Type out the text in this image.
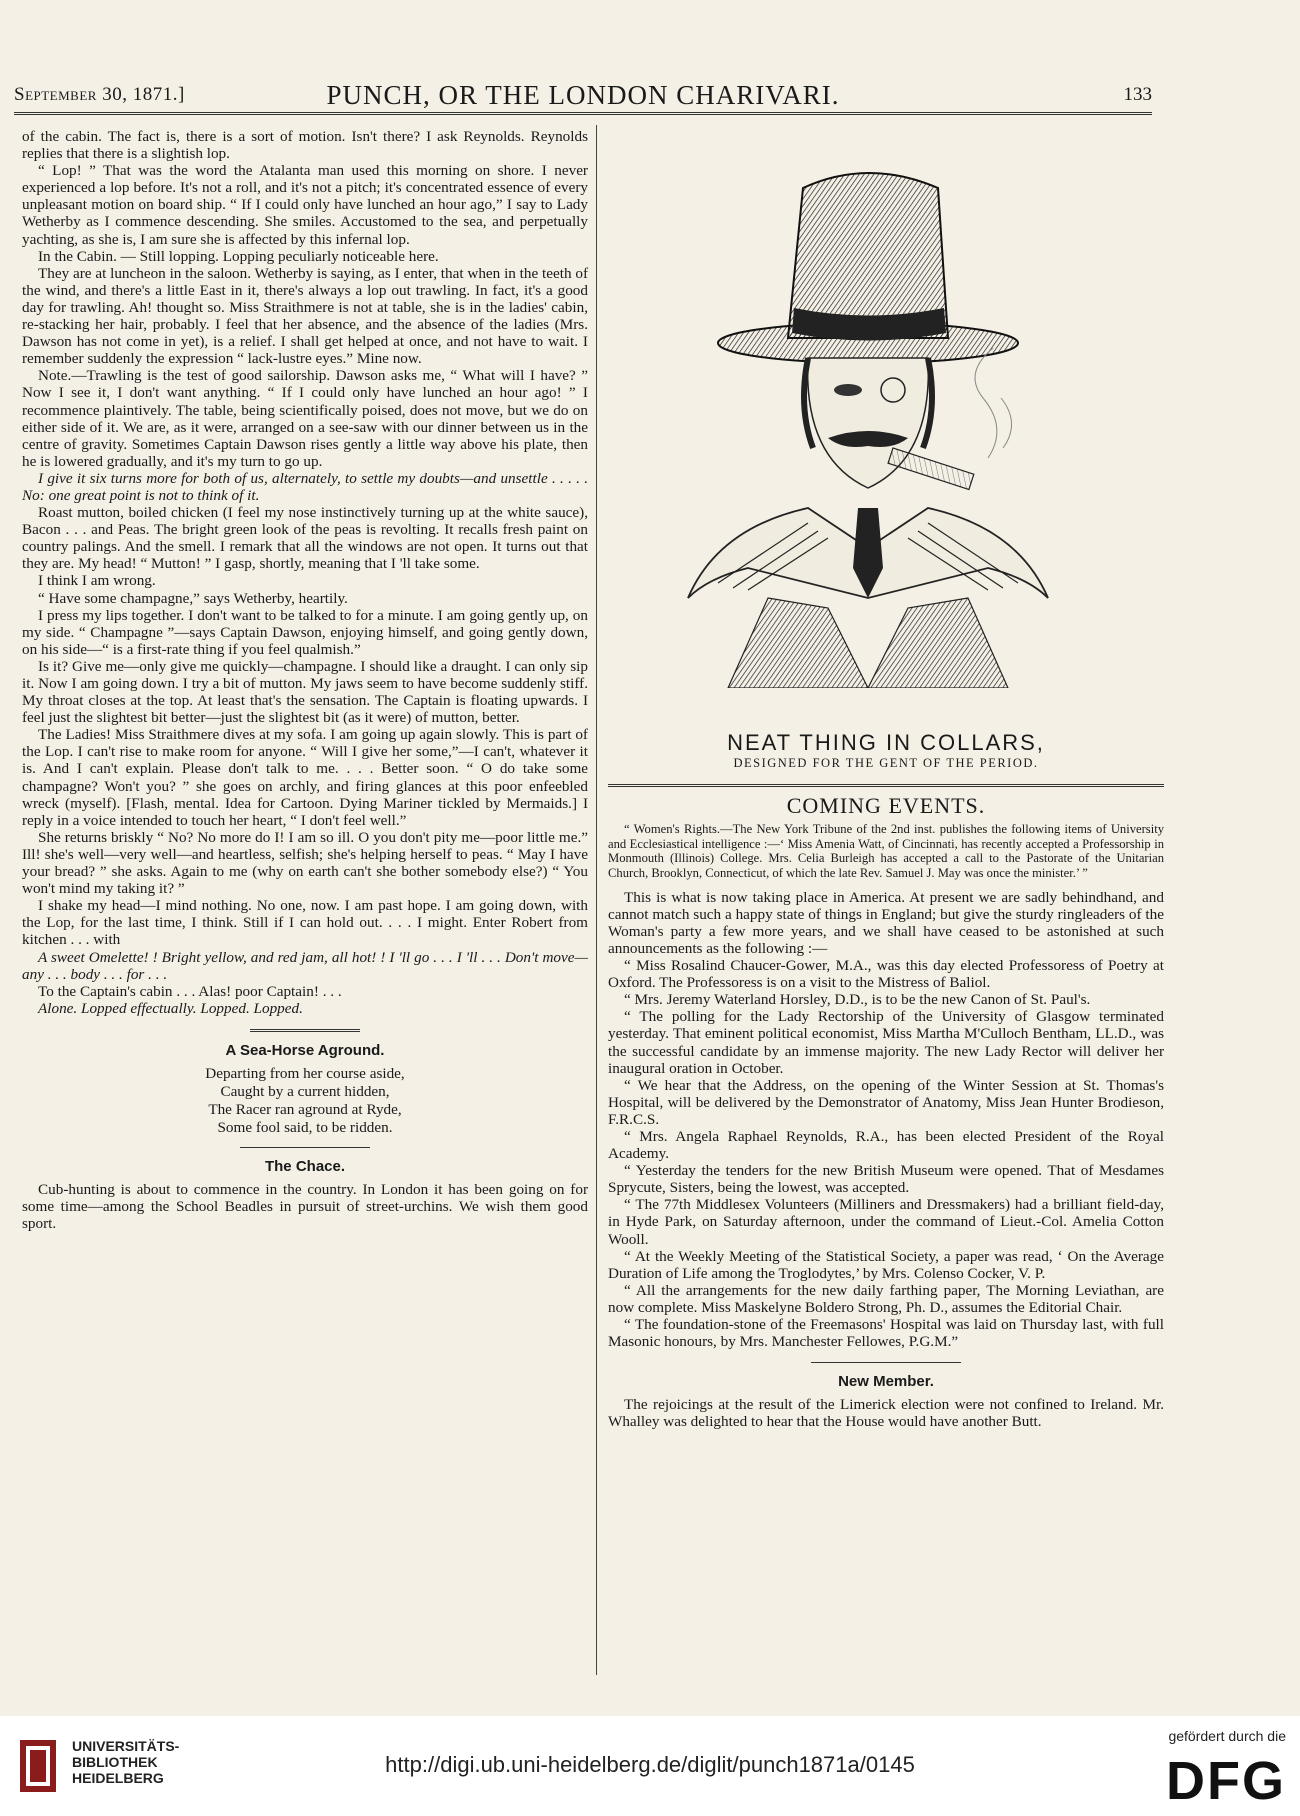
September 30, 1871.]	PUNCH, OR THE LONDON CHARIVARI.	133

of the cabin. The fact is, there is a sort of motion. Isn't there? I ask Reynolds. Reynolds replies that there is a slightish lop.

“ Lop! ” That was the word the Atalanta man used this morning on shore. I never experienced a lop before. It's not a roll, and it's not a pitch; it's concentrated essence of every unpleasant motion on board ship. “ If I could only have lunched an hour ago,” I say to Lady Wetherby as I commence descending. She smiles. Accustomed to the sea, and perpetually yachting, as she is, I am sure she is affected by this infernal lop.

In the Cabin. — Still lopping. Lopping peculiarly noticeable here.

They are at luncheon in the saloon. Wetherby is saying, as I enter, that when in the teeth of the wind, and there's a little East in it, there's always a lop out trawling. In fact, it's a good day for trawling. Ah! thought so. Miss Straithmere is not at table, she is in the ladies' cabin, re-stacking her hair, probably. I feel that her absence, and the absence of the ladies (Mrs. Dawson has not come in yet), is a relief. I shall get helped at once, and not have to wait. I remember suddenly the expression “ lack-lustre eyes.” Mine now.

Note.—Trawling is the test of good sailorship. Dawson asks me, “ What will I have? ” Now I see it, I don't want anything. “ If I could only have lunched an hour ago! ” I recommence plaintively. The table, being scientifically poised, does not move, but we do on either side of it. We are, as it were, arranged on a see-saw with our dinner between us in the centre of gravity. Sometimes Captain Dawson rises gently a little way above his plate, then he is lowered gradually, and it's my turn to go up.

I give it six turns more for both of us, alternately, to settle my doubts—and unsettle . . . . . No: one great point is not to think of it.

Roast mutton, boiled chicken (I feel my nose instinctively turning up at the white sauce), Bacon . . . and Peas. The bright green look of the peas is revolting. It recalls fresh paint on country palings. And the smell. I remark that all the windows are not open. It turns out that they are. My head! “ Mutton! ” I gasp, shortly, meaning that I 'll take some.

I think I am wrong.

“ Have some champagne,” says Wetherby, heartily.

I press my lips together. I don't want to be talked to for a minute. I am going gently up, on my side. “ Champagne ”—says Captain Dawson, enjoying himself, and going gently down, on his side—“ is a first-rate thing if you feel qualmish.”

Is it? Give me—only give me quickly—champagne. I should like a draught. I can only sip it. Now I am going down. I try a bit of mutton. My jaws seem to have become suddenly stiff. My throat closes at the top. At least that's the sensation. The Captain is floating upwards. I feel just the slightest bit better—just the slightest bit (as it were) of mutton, better.

The Ladies! Miss Straithmere dives at my sofa. I am going up again slowly. This is part of the Lop. I can't rise to make room for anyone. “ Will I give her some,”—I can't, whatever it is. And I can't explain. Please don't talk to me. . . . Better soon. “ O do take some champagne? Won't you? ” she goes on archly, and firing glances at this poor enfeebled wreck (myself). [Flash, mental. Idea for Cartoon. Dying Mariner tickled by Mermaids.] I reply in a voice intended to touch her heart, “ I don't feel well.”

She returns briskly “ No? No more do I! I am so ill. O you don't pity me—poor little me.” Ill! she's well—very well—and heartless, selfish; she's helping herself to peas. “ May I have your bread? ” she asks. Again to me (why on earth can't she bother somebody else?) “ You won't mind my taking it? ”

I shake my head—I mind nothing. No one, now. I am past hope. I am going down, with the Lop, for the last time, I think. Still if I can hold out. . . . I might. Enter Robert from kitchen . . . with

A sweet Omelette! ! Bright yellow, and red jam, all hot! ! I 'll go . . . I 'll . . . Don't move—any . . . body . . . for . . .

To the Captain's cabin . . . Alas! poor Captain! . . .

Alone. Lopped effectually. Lopped. Lopped.

A Sea-Horse Aground.
Departing from her course aside,
Caught by a current hidden,
The Racer ran aground at Ryde,
Some fool said, to be ridden.
The Chace.

Cub-hunting is about to commence in the country. In London it has been going on for some time—among the School Beadles in pursuit of street-urchins. We wish them good sport.

NEAT THING IN COLLARS,
DESIGNED FOR THE GENT OF THE PERIOD.
COMING EVENTS.

“ Women's Rights.—The New York Tribune of the 2nd inst. publishes the following items of University and Ecclesiastical intelligence :—‘ Miss Amenia Watt, of Cincinnati, has recently accepted a Professorship in Monmouth (Illinois) College. Mrs. Celia Burleigh has accepted a call to the Pastorate of the Unitarian Church, Brooklyn, Connecticut, of which the late Rev. Samuel J. May was once the minister.’ ”

This is what is now taking place in America. At present we are sadly behindhand, and cannot match such a happy state of things in England; but give the sturdy ringleaders of the Woman's party a few more years, and we shall have ceased to be astonished at such announcements as the following :—

“ Miss Rosalind Chaucer-Gower, M.A., was this day elected Professoress of Poetry at Oxford. The Professoress is on a visit to the Mistress of Baliol.

“ Mrs. Jeremy Waterland Horsley, D.D., is to be the new Canon of St. Paul's.

“ The polling for the Lady Rectorship of the University of Glasgow terminated yesterday. That eminent political economist, Miss Martha M'Culloch Bentham, LL.D., was the successful candidate by an immense majority. The new Lady Rector will deliver her inaugural oration in October.

“ We hear that the Address, on the opening of the Winter Session at St. Thomas's Hospital, will be delivered by the Demonstrator of Anatomy, Miss Jean Hunter Brodieson, F.R.C.S.

“ Mrs. Angela Raphael Reynolds, R.A., has been elected President of the Royal Academy.

“ Yesterday the tenders for the new British Museum were opened. That of Mesdames Sprycute, Sisters, being the lowest, was accepted.

“ The 77th Middlesex Volunteers (Milliners and Dressmakers) had a brilliant field-day, in Hyde Park, on Saturday afternoon, under the command of Lieut.-Col. Amelia Cotton Wooll.

“ At the Weekly Meeting of the Statistical Society, a paper was read, ‘ On the Average Duration of Life among the Troglodytes,’ by Mrs. Colenso Cocker, V. P.

“ All the arrangements for the new daily farthing paper, The Morning Leviathan, are now complete. Miss Maskelyne Boldero Strong, Ph. D., assumes the Editorial Chair.

“ The foundation-stone of the Freemasons' Hospital was laid on Thursday last, with full Masonic honours, by Mrs. Manchester Fellowes, P.G.M.”

New Member.

The rejoicings at the result of the Limerick election were not confined to Ireland. Mr. Whalley was delighted to hear that the House would have another Butt.

UNIVERSITÄTS-
BIBLIOTHEK
HEIDELBERG
http://digi.ub.uni-heidelberg.de/diglit/punch1871a/0145
gefördert durch die
DFG
